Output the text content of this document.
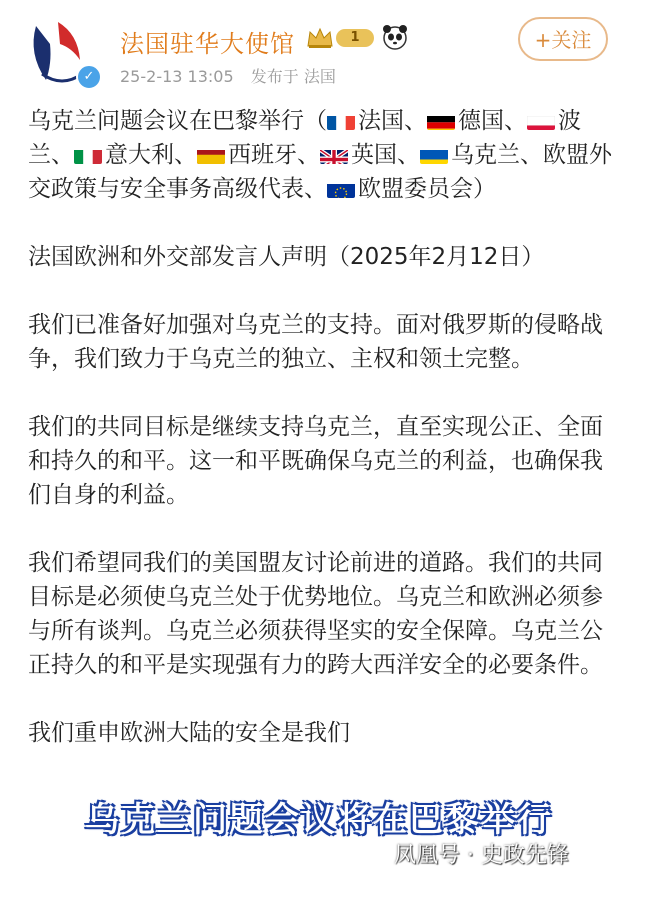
✓
法国驻华大使馆	1
25-2-13 13:05 发布于 法国
+关注

乌克兰问题会议在巴黎举行（ 法国、 德国、 波兰、 意大利、 西班牙、 英国、 乌克兰、欧盟外交政策与安全事务高级代表、 欧盟委员会）

法国欧洲和外交部发言人声明（2025年2月12日）

我们已准备好加强对乌克兰的支持。面对俄罗斯的侵略战争，我们致力于乌克兰的独立、主权和领土完整。

我们的共同目标是继续支持乌克兰，直至实现公正、全面和持久的和平。这一和平既确保乌克兰的利益，也确保我们自身的利益。

我们希望同我们的美国盟友讨论前进的道路。我们的共同目标是必须使乌克兰处于优势地位。乌克兰和欧洲必须参与所有谈判。乌克兰必须获得坚实的安全保障。乌克兰公正持久的和平是实现强有力的跨大西洋安全的必要条件。

我们重申欧洲大陆的安全是我们

乌克兰问题会议将在巴黎举行
凤凰号 · 史政先锋
